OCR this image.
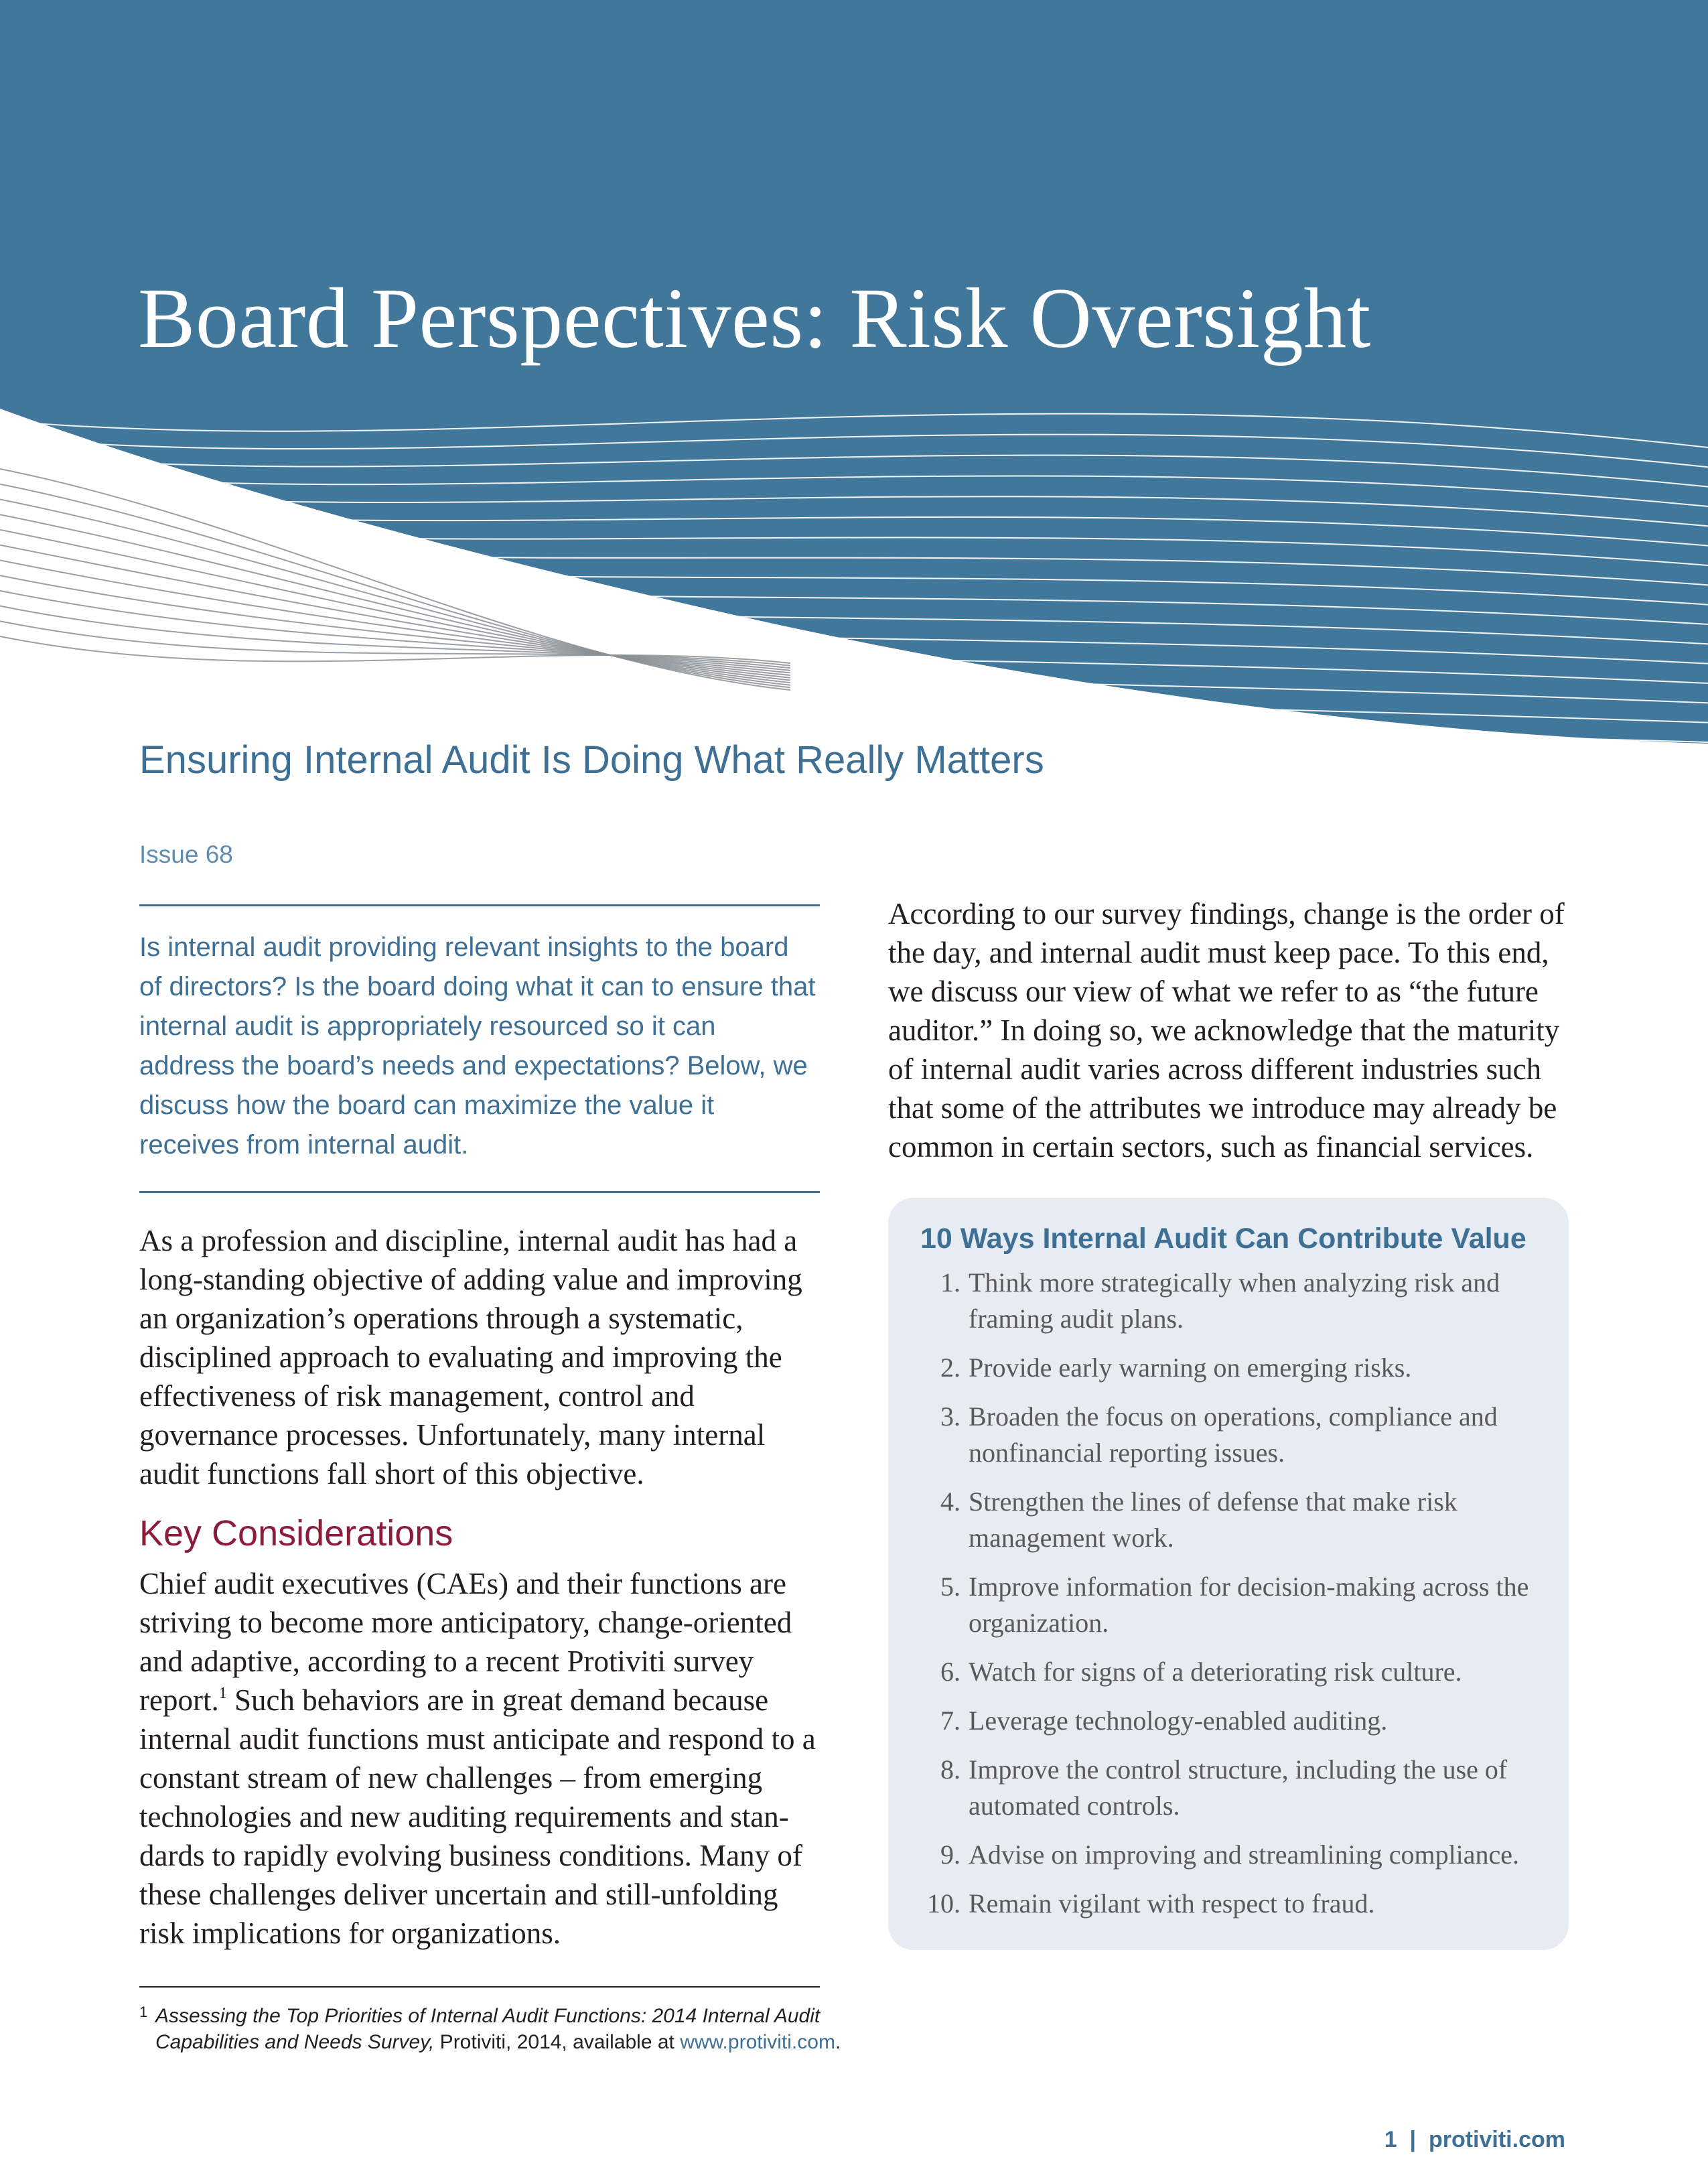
Board Perspectives: Risk Oversight
Ensuring Internal Audit Is Doing What Really Matters

Issue 68

Is internal audit providing relevant insights to the board of directors? Is the board doing what it can to ensure that internal audit is appropriately resourced so it can address the board’s needs and expectations? Below, we discuss how the board can maximize the value it receives from internal audit.

As a profession and discipline, internal audit has had a long-standing objective of adding value and improving an organization’s operations through a systematic, disciplined approach to evaluating and improving the effectiveness of risk management, control and governance processes. Unfortunately, many internal audit functions fall short of this objective.

Key Considerations

Chief audit executives (CAEs) and their functions are striving to become more anticipatory, change-oriented and adaptive, according to a recent Protiviti survey report.$^1$ Such behaviors are in great demand because internal audit functions must anticipate and respond to a constant stream of new challenges – from emerging technologies and new auditing requirements and stan-dards to rapidly evolving business conditions. Many of these challenges deliver uncertain and still-unfolding risk implications for organizations.

1 Assessing the Top Priorities of Internal Audit Functions: 2014 Internal Audit Capabilities and Needs Survey, Protiviti, 2014, available at www.protiviti.com.

According to our survey findings, change is the order of the day, and internal audit must keep pace. To this end, we discuss our view of what we refer to as “the future auditor.” In doing so, we acknowledge that the maturity of internal audit varies across different industries such that some of the attributes we introduce may already be common in certain sectors, such as financial services.

10 Ways Internal Audit Can Contribute Value
1. Think more strategically when analyzing risk and framing audit plans.
2. Provide early warning on emerging risks.
3. Broaden the focus on operations, compliance and nonfinancial reporting issues.
4. Strengthen the lines of defense that make risk management work.
5. Improve information for decision-making across the organization.
6. Watch for signs of a deteriorating risk culture.
7. Leverage technology-enabled auditing.
8. Improve the control structure, including the use of automated controls.
9. Advise on improving and streamlining compliance.
10. Remain vigilant with respect to fraud.

1 | protiviti.com
